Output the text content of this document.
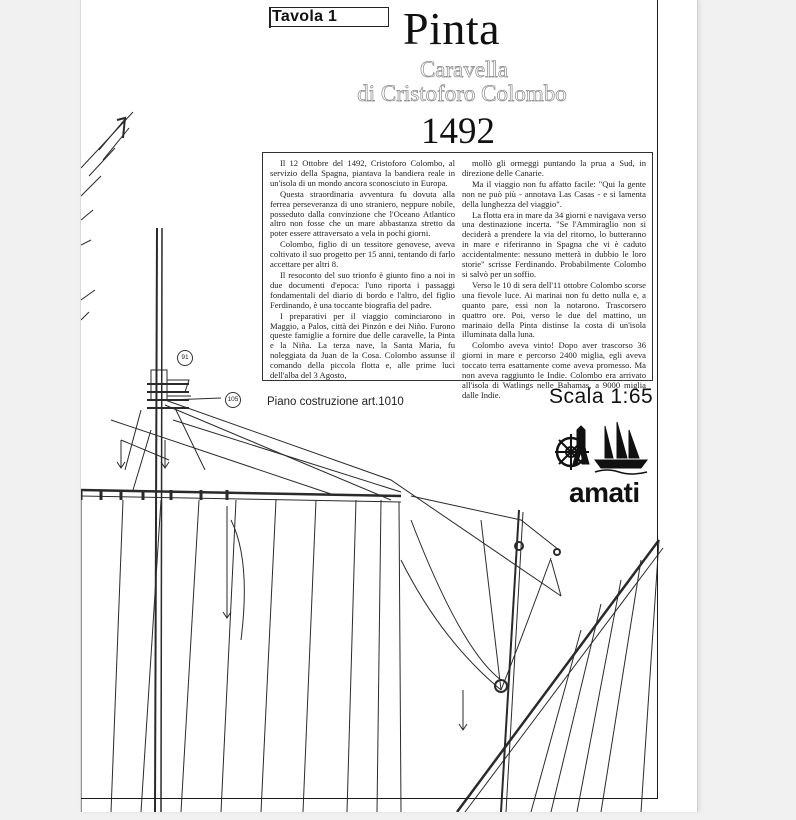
Tavola 1	Pinta
Caravella
di Cristoforo Colombo
1492

Il 12 Ottobre del 1492, Cristoforo Colombo, al servizio della Spagna, piantava la bandiera reale in un'isola di un mondo ancora sconosciuto in Europa.

Questa straordinaria avventura fu dovuta alla ferrea perseveranza di uno straniero, neppure nobile, posseduto dalla convinzione che l'Oceano Atlantico altro non fosse che un mare abbastanza stretto da poter essere attraversato a vela in pochi giorni.

Colombo, figlio di un tessitore genovese, aveva coltivato il suo progetto per 15 anni, tentando di farlo accettare per altri 8.

Il resoconto del suo trionfo è giunto fino a noi in due documenti d'epoca: l'uno riporta i passaggi fondamentali del diario di bordo e l'altro, del figlio Ferdinando, è una toccante biografia del padre.

I preparativi per il viaggio cominciarono in Maggio, a Palos, città dei Pinzón e dei Niño. Furono queste famiglie a fornire due delle caravelle, la Pinta e la Niña. La terza nave, la Santa Maria, fu noleggiata da Juan de la Cosa. Colombo assunse il comando della piccola flotta e, alle prime luci dell'alba del 3 Agosto,

mollò gli ormeggi puntando la prua a Sud, in direzione delle Canarie.

Ma il viaggio non fu affatto facile: "Qui la gente non ne può più - annotava Las Casas - e si lamenta della lunghezza del viaggio".

La flotta era in mare da 34 giorni e navigava verso una destinazione incerta. "Se l'Ammiraglio non si deciderà a prendere la via del ritorno, lo butteranno in mare e riferiranno in Spagna che vi è caduto accidentalmente: nessuno metterà in dubbio le loro storie" scrisse Ferdinando. Probabilmente Colombo si salvò per un soffio.

Verso le 10 di sera dell'11 ottobre Colombo scorse una fievole luce. Ai marinai non fu detto nulla e, a quanto pare, essi non la notarono. Trascorsero quattro ore. Poi, verso le due del mattino, un marinaio della Pinta distinse la costa di un'isola illuminata dalla luna.

Colombo aveva vinto! Dopo aver trascorso 36 giorni in mare e percorso 2400 miglia, egli aveva toccato terra esattamente come aveva promesso. Ma non aveva raggiunto le Indie. Colombo era arrivato all'isola di Watlings nelle Bahamas, a 9000 miglia dalle Indie.

91
105 Piano costruzione art.1010	Scala 1:65
amati
